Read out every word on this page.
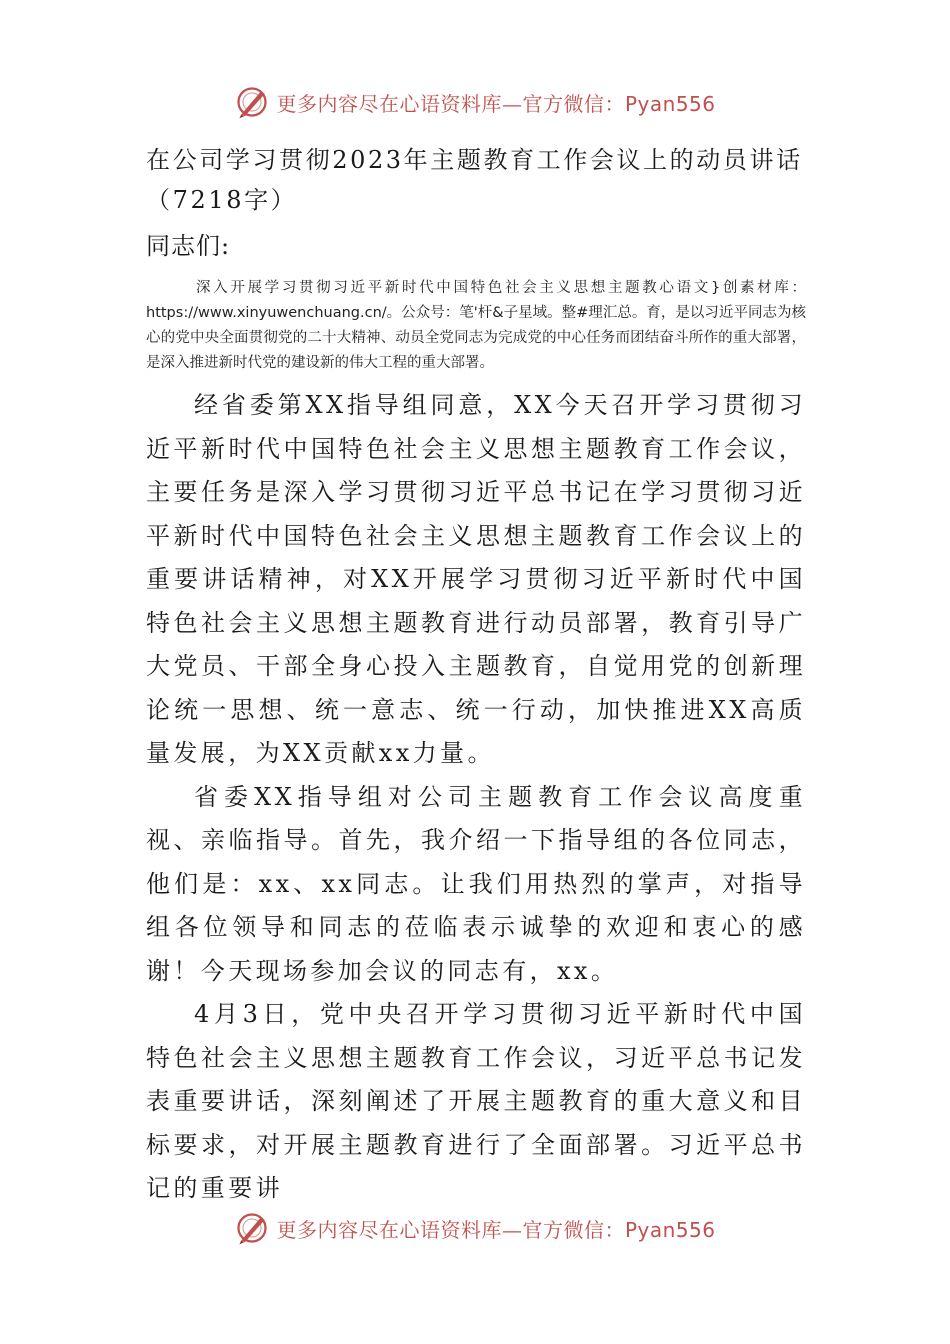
更多内容尽在心语资料库—官方微信：Pyan556
在公司学习贯彻2023年主题教育工作会议上的动员讲话
（7218字）

同志们:

深入开展学习贯彻习近平新时代中国特色社会主义思想主题教心语文}创素材库：https://www.xinyuwenchuang.cn/。公众号：笔'杆&子星域。整#理汇总。育，是以习近平同志为核心的党中央全面贯彻党的二十大精神、动员全党同志为完成党的中心任务而团结奋斗所作的重大部署，是深入推进新时代党的建设新的伟大工程的重大部署。

经省委第XX指导组同意，XX今天召开学习贯彻习近平新时代中国特色社会主义思想主题教育工作会议，主要任务是深入学习贯彻习近平总书记在学习贯彻习近平新时代中国特色社会主义思想主题教育工作会议上的重要讲话精神，对XX开展学习贯彻习近平新时代中国特色社会主义思想主题教育进行动员部署，教育引导广大党员、干部全身心投入主题教育，自觉用党的创新理论统一思想、统一意志、统一行动，加快推进XX高质量发展，为XX贡献xx力量。

省委XX指导组对公司主题教育工作会议高度重视、亲临指导。首先，我介绍一下指导组的各位同志，他们是：xx、xx同志。让我们用热烈的掌声，对指导组各位领导和同志的莅临表示诚挚的欢迎和衷心的感谢！今天现场参加会议的同志有，xx。

4月3日，党中央召开学习贯彻习近平新时代中国特色社会主义思想主题教育工作会议，习近平总书记发表重要讲话，深刻阐述了开展主题教育的重大意义和目标要求，对开展主题教育进行了全面部署。习近平总书记的重要讲

更多内容尽在心语资料库—官方微信：Pyan556
